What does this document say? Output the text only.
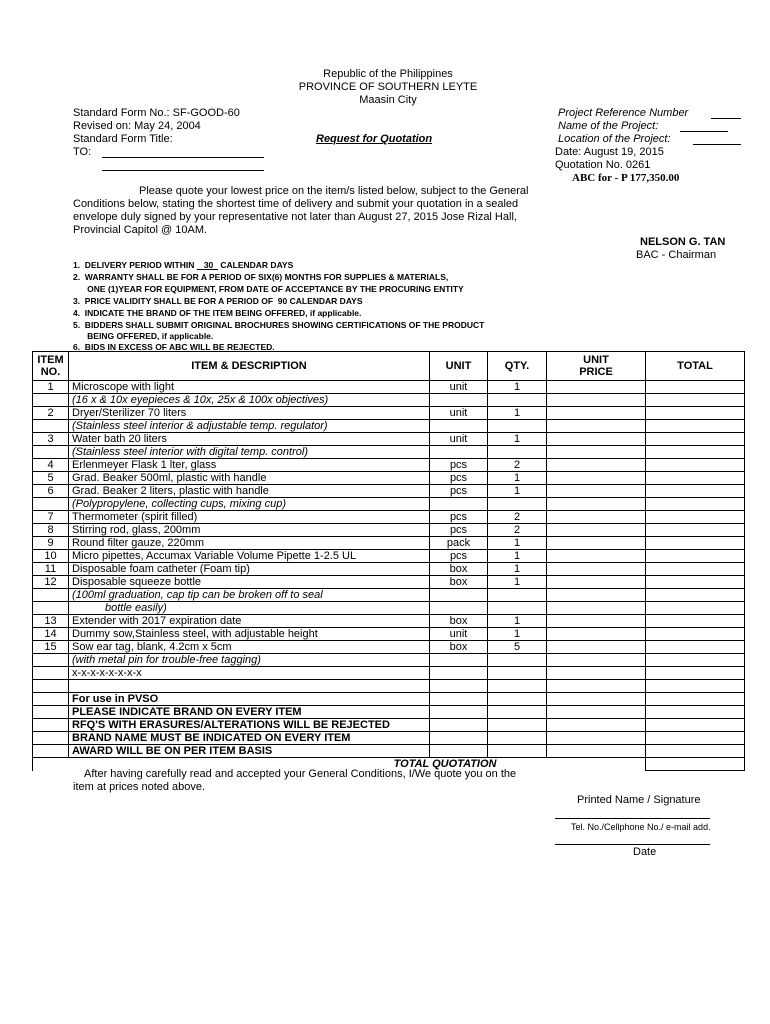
Republic of the Philippines
PROVINCE OF SOUTHERN LEYTE
Maasin City
Standard Form No.: SF-GOOD-60
Revised on: May 24, 2004
Standard Form Title:
TO:
Request for Quotation
Project Reference Number
Name of the Project:
Location of the Project:
Date: August 19, 2015
Quotation No. 0261
ABC for - P 177,350.00
Please quote your lowest price on the item/s listed below, subject to the General
Conditions below, stating the shortest time of delivery and submit your quotation in a sealed
envelope duly signed by your representative not later than August 27, 2015 Jose Rizal Hall,
Provincial Capitol @ 10AM.
NELSON G. TAN
BAC - Chairman
1.  DELIVERY PERIOD WITHIN    30   CALENDAR DAYS
2.  WARRANTY SHALL BE FOR A PERIOD OF SIX(6) MONTHS FOR SUPPLIES & MATERIALS,
ONE (1)YEAR FOR EQUIPMENT, FROM DATE OF ACCEPTANCE BY THE PROCURING ENTITY
3.  PRICE VALIDITY SHALL BE FOR A PERIOD OF  90 CALENDAR DAYS
4.  INDICATE THE BRAND OF THE ITEM BEING OFFERED, if applicable.
5.  BIDDERS SHALL SUBMIT ORIGINAL BROCHURES SHOWING CERTIFICATIONS OF THE PRODUCT
BEING OFFERED, if applicable.
6.  BIDS IN EXCESS OF ABC WILL BE REJECTED.
ITEM
NO.	ITEM & DESCRIPTION	UNIT	QTY.	UNIT
PRICE	TOTAL
1	Microscope with light	unit	1		
	(16 x & 10x eyepieces & 10x, 25x & 100x objectives)				
2	Dryer/Sterilizer 70 liters	unit	1		
	(Stainless steel interior & adjustable temp. regulator)				
3	Water bath 20 liters	unit	1		
	(Stainless steel interior with digital temp. control)				
4	Erlenmeyer Flask 1 lter, glass	pcs	2		
5	Grad. Beaker 500ml, plastic with handle	pcs	1		
6	Grad. Beaker 2 liters, plastic with handle	pcs	1		
	(Polypropylene, collecting cups, mixing cup)				
7	Thermometer (spirit filled)	pcs	2		
8	Stirring rod, glass, 200mm	pcs	2		
9	Round filter gauze, 220mm	pack	1		
10	Micro pipettes, Accumax Variable Volume Pipette 1-2.5 UL	pcs	1		
11	Disposable foam catheter (Foam tip)	box	1		
12	Disposable squeeze bottle	box	1		
	(100ml graduation, cap tip can be broken off to seal				
	bottle easily)				
13	Extender with 2017 expiration date	box	1		
14	Dummy sow,Stainless steel, with adjustable height	unit	1		
15	Sow ear tag, blank, 4.2cm x 5cm	box	5		
	(with metal pin for trouble-free tagging)				
	x-x-x-x-x-x-x-x				

	For use in PVSO				
	PLEASE INDICATE BRAND ON EVERY ITEM				
	RFQ'S WITH ERASURES/ALTERATIONS WILL BE REJECTED				
	BRAND NAME MUST BE INDICATED ON EVERY ITEM				
	AWARD WILL BE ON PER ITEM BASIS				
	TOTAL QUOTATION				
After having carefully read and accepted your General Conditions, I/We quote you on the
item at prices noted above.
Printed Name / Signature
Tel. No./Cellphone No./ e-mail add.
Date
